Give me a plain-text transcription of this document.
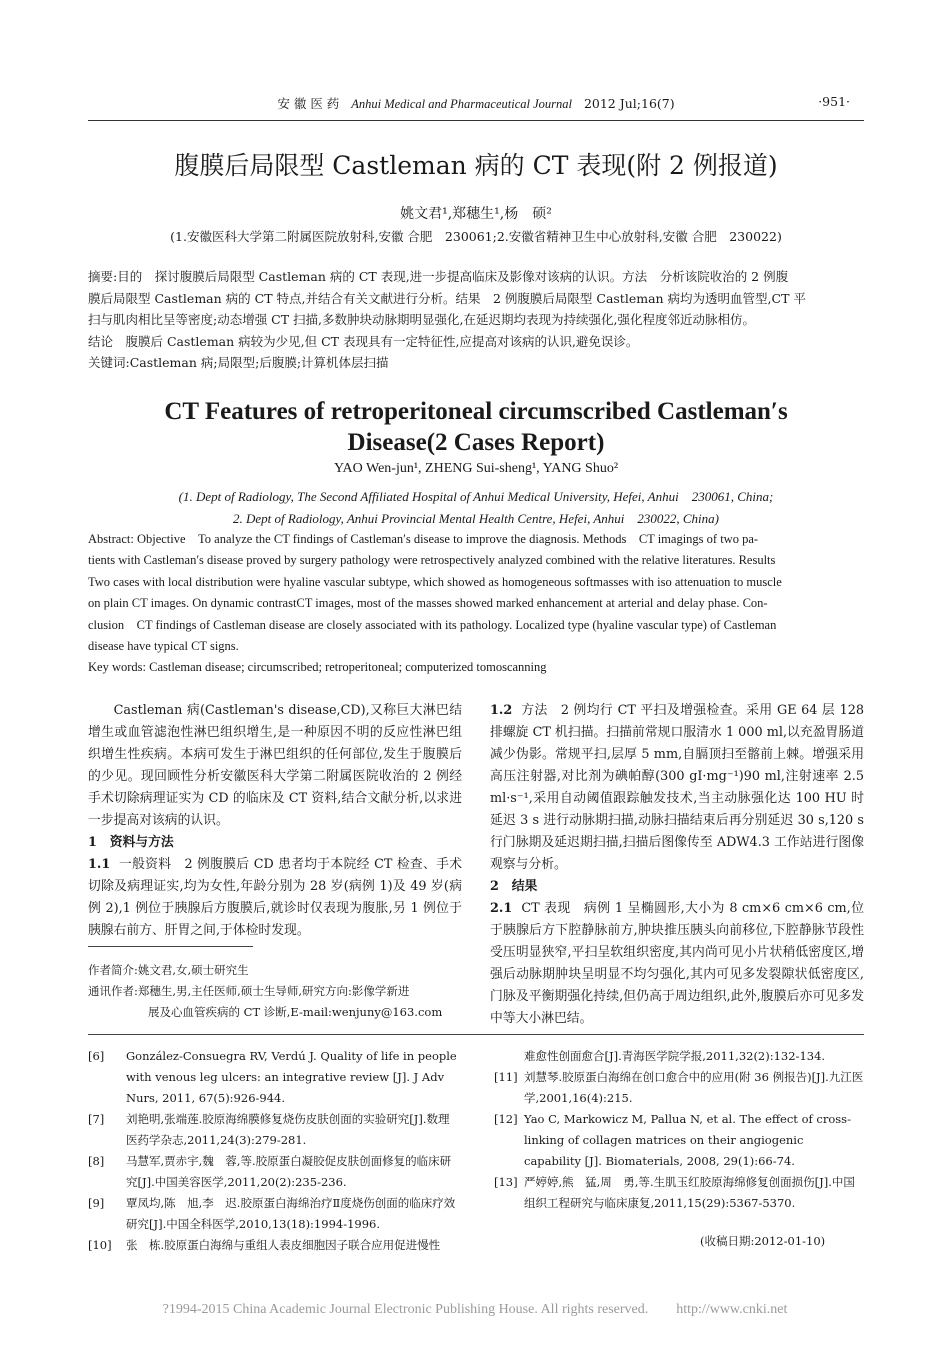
安 徽 医 药 Anhui Medical and Pharmaceutical Journal 2012 Jul;16(7)	·951·
腹膜后局限型 Castleman 病的 CT 表现(附 2 例报道)
姚文君¹,郑穗生¹,杨　硕²
(1.安徽医科大学第二附属医院放射科,安徽 合肥　230061;2.安徽省精神卫生中心放射科,安徽 合肥　230022)

摘要:目的　探讨腹膜后局限型 Castleman 病的 CT 表现,进一步提高临床及影像对该病的认识。方法　分析该院收治的 2 例腹

膜后局限型 Castleman 病的 CT 特点,并结合有关文献进行分析。结果　2 例腹膜后局限型 Castleman 病均为透明血管型,CT 平

扫与肌肉相比呈等密度;动态增强 CT 扫描,多数肿块动脉期明显强化,在延迟期均表现为持续强化,强化程度邻近动脉相仿。

结论　腹膜后 Castleman 病较为少见,但 CT 表现具有一定特征性,应提高对该病的认识,避免误诊。

关键词:Castleman 病;局限型;后腹膜;计算机体层扫描

CT Features of retroperitoneal circumscribed Castleman′s
Disease(2 Cases Report)
YAO Wen-jun¹, ZHENG Sui-sheng¹, YANG Shuo²
(1. Dept of Radiology, The Second Affiliated Hospital of Anhui Medical University, Hefei, Anhui　230061, China;
2. Dept of Radiology, Anhui Provincial Mental Health Centre, Hefei, Anhui　230022, China)

Abstract: Objective　To analyze the CT findings of Castleman′s disease to improve the diagnosis. Methods　CT imagings of two pa-

tients with Castleman′s disease proved by surgery pathology were retrospectively analyzed combined with the relative literatures. Results

Two cases with local distribution were hyaline vascular subtype, which showed as homogeneous softmasses with iso attenuation to muscle

on plain CT images. On dynamic contrastCT images, most of the masses showed marked enhancement at arterial and delay phase. Con-

clusion　CT findings of Castleman disease are closely associated with its pathology. Localized type (hyaline vascular type) of Castleman

disease have typical CT signs.

Key words: Castleman disease; circumscribed; retroperitoneal; computerized tomoscanning

Castleman 病(Castleman's disease,CD),又称巨大淋巴结增生或血管滤泡性淋巴组织增生,是一种原因不明的反应性淋巴组织增生性疾病。本病可发生于淋巴组织的任何部位,发生于腹膜后的少见。现回顾性分析安徽医科大学第二附属医院收治的 2 例经手术切除病理证实为 CD 的临床及 CT 资料,结合文献分析,以求进一步提高对该病的认识。

1　资料与方法

1.1 一般资料　2 例腹膜后 CD 患者均于本院经 CT 检查、手术切除及病理证实,均为女性,年龄分别为 28 岁(病例 1)及 49 岁(病例 2),1 例位于胰腺后方腹膜后,就诊时仅表现为腹胀,另 1 例位于胰腺右前方、肝胃之间,于体检时发现。

1.2 方法　2 例均行 CT 平扫及增强检查。采用 GE 64 层 128 排螺旋 CT 机扫描。扫描前常规口服清水 1 000 ml,以充盈胃肠道减少伪影。常规平扫,层厚 5 mm,自膈顶扫至髂前上棘。增强采用高压注射器,对比剂为碘帕醇(300 gI·mg⁻¹)90 ml,注射速率 2.5 ml·s⁻¹,采用自动阈值跟踪触发技术,当主动脉强化达 100 HU 时延迟 3 s 进行动脉期扫描,动脉扫描结束后再分别延迟 30 s,120 s 行门脉期及延迟期扫描,扫描后图像传至 ADW4.3 工作站进行图像观察与分析。

2　结果

2.1 CT 表现　病例 1 呈椭圆形,大小为 8 cm×6 cm×6 cm,位于胰腺后方下腔静脉前方,肿块推压胰头向前移位,下腔静脉节段性受压明显狭窄,平扫呈软组织密度,其内尚可见小片状稍低密度区,增强后动脉期肿块呈明显不均匀强化,其内可见多发裂隙状低密度区,门脉及平衡期强化持续,但仍高于周边组织,此外,腹膜后亦可见多发中等大小淋巴结。

作者简介:姚文君,女,硕士研究生

通讯作者:郑穗生,男,主任医师,硕士生导师,研究方向:影像学新进

展及心血管疾病的 CT 诊断,E-mail:wenjuny@163.com

[6]	González-Consuegra RV, Verdú J. Quality of life in people with venous leg ulcers: an integrative review [J]. J Adv Nurs, 2011, 67(5):926-944.
[7]	刘艳明,张端莲.胶原海绵膜修复烧伤皮肤创面的实验研究[J].数理医药学杂志,2011,24(3):279-281.
[8]	马慧军,贾赤宇,魏　蓉,等.胶原蛋白凝胶促皮肤创面修复的临床研究[J].中国美容医学,2011,20(2):235-236.
[9]	覃凤均,陈　旭,李　迟.胶原蛋白海绵治疗Ⅱ度烧伤创面的临床疗效研究[J].中国全科医学,2010,13(18):1994-1996.
[10]	张　栋.胶原蛋白海绵与重组人表皮细胞因子联合应用促进慢性
难愈性创面愈合[J].青海医学院学报,2011,32(2):132-134.
[11] 刘慧琴.胶原蛋白海绵在创口愈合中的应用(附 36 例报告)[J].九江医学,2001,16(4):215.
[12] Yao C, Markowicz M, Pallua N, et al. The effect of cross-linking of collagen matrices on their angiogenic capability [J]. Biomaterials, 2008, 29(1):66-74.
[13] 严婷婷,熊　猛,周　勇,等.生肌玉红胶原海绵修复创面损伤[J].中国组织工程研究与临床康复,2011,15(29):5367-5370.
(收稿日期:2012-01-10)
?1994-2015 China Academic Journal Electronic Publishing House. All rights reserved.　　http://www.cnki.net
